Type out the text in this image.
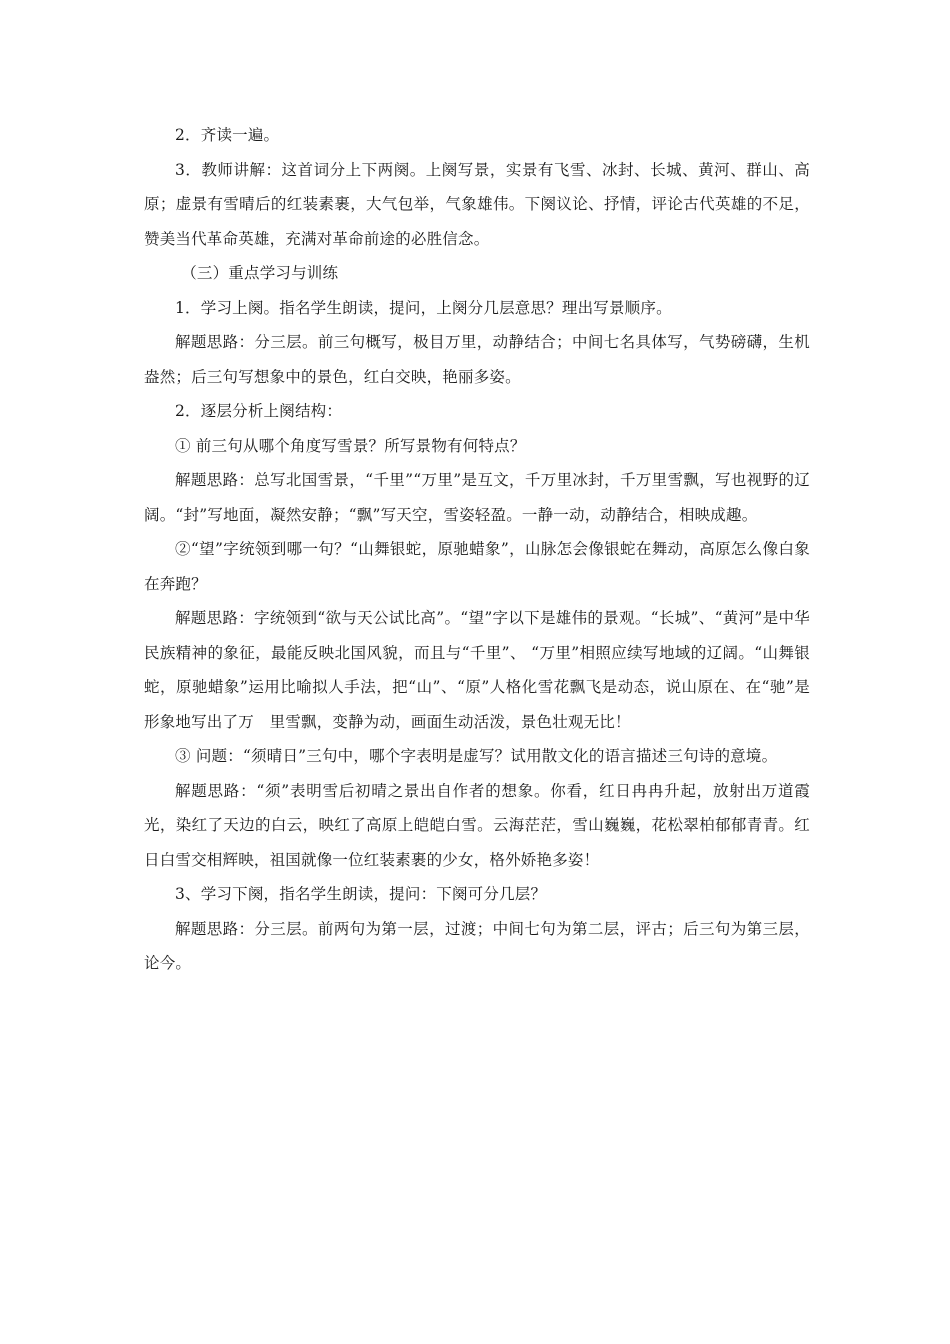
2．齐读一遍。

3．教师讲解：这首词分上下两阕。上阕写景，实景有飞雪、冰封、长城、黄河、群山、高原；虚景有雪晴后的红装素裹，大气包举，气象雄伟。下阕议论、抒情，评论古代英雄的不足，赞美当代革命英雄，充满对革命前途的必胜信念。

（三）重点学习与训练

1．学习上阕。指名学生朗读，提问，上阕分几层意思？理出写景顺序。

解题思路：分三层。前三句概写，极目万里，动静结合；中间七名具体写，气势磅礴，生机盎然；后三句写想象中的景色，红白交映，艳丽多姿。

2．逐层分析上阕结构：

① 前三句从哪个角度写雪景？所写景物有何特点？

解题思路：总写北国雪景，“千里”“万里”是互文，千万里冰封，千万里雪飘，写也视野的辽阔。“封”写地面，凝然安静；“飘”写天空，雪姿轻盈。一静一动，动静结合，相映成趣。

②“望”字统领到哪一句？“山舞银蛇，原驰蜡象”，山脉怎会像银蛇在舞动，高原怎么像白象在奔跑？

解题思路：字统领到“欲与天公试比高”。“望”字以下是雄伟的景观。“长城”、“黄河”是中华民族精神的象征，最能反映北国风貌，而且与“千里”、 “万里”相照应续写地域的辽阔。“山舞银蛇，原驰蜡象”运用比喻拟人手法，把“山”、“原”人格化雪花飘飞是动态，说山原在、在“驰”是形象地写出了万　里雪飘，变静为动，画面生动活泼，景色壮观无比！

③ 问题：“须晴日”三句中，哪个字表明是虚写？试用散文化的语言描述三句诗的意境。

解题思路：“须”表明雪后初晴之景出自作者的想象。你看，红日冉冉升起，放射出万道霞光，染红了天边的白云，映红了高原上皑皑白雪。云海茫茫，雪山巍巍，花松翠柏郁郁青青。红日白雪交相辉映，祖国就像一位红装素裹的少女，格外娇艳多姿！

3、学习下阕，指名学生朗读，提问：下阕可分几层？

解题思路：分三层。前两句为第一层，过渡；中间七句为第二层，评古；后三句为第三层，论今。
